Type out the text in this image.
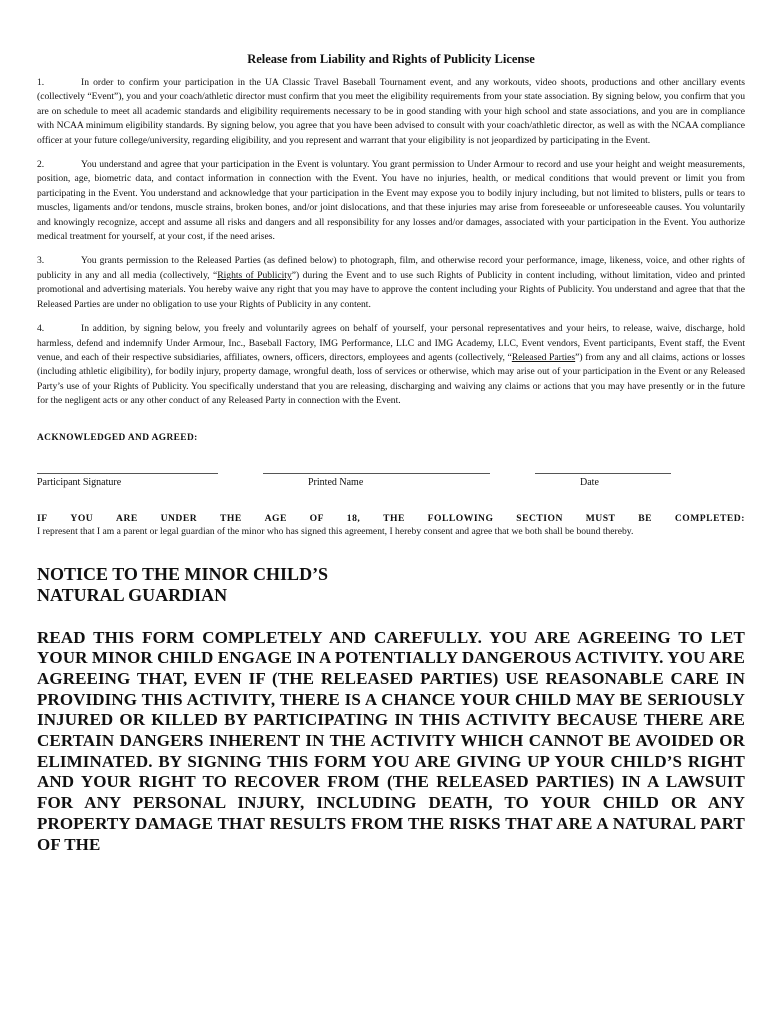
Release from Liability and Rights of Publicity License
1.	In order to confirm your participation in the UA Classic Travel Baseball Tournament event, and any workouts, video shoots, productions and other ancillary events (collectively “Event”), you and your coach/athletic director must confirm that you meet the eligibility requirements from your state association. By signing below, you confirm that you are on schedule to meet all academic standards and eligibility requirements necessary to be in good standing with your high school and state associations, and you are in compliance with NCAA minimum eligibility standards. By signing below, you agree that you have been advised to consult with your coach/athletic director, as well as with the NCAA compliance officer at your future college/university, regarding eligibility, and you represent and warrant that your eligibility is not jeopardized by participating in the Event.
2.	You understand and agree that your participation in the Event is voluntary. You grant permission to Under Armour to record and use your height and weight measurements, position, age, biometric data, and contact information in connection with the Event. You have no injuries, health, or medical conditions that would prevent or limit you from participating in the Event. You understand and acknowledge that your participation in the Event may expose you to bodily injury including, but not limited to blisters, pulls or tears to muscles, ligaments and/or tendons, muscle strains, broken bones, and/or joint dislocations, and that these injuries may arise from foreseeable or unforeseeable causes. You voluntarily and knowingly recognize, accept and assume all risks and dangers and all responsibility for any losses and/or damages, associated with your participation in the Event. You authorize medical treatment for yourself, at your cost, if the need arises.
3.	You grants permission to the Released Parties (as defined below) to photograph, film, and otherwise record your performance, image, likeness, voice, and other rights of publicity in any and all media (collectively, “Rights of Publicity”) during the Event and to use such Rights of Publicity in content including, without limitation, video and printed promotional and advertising materials. You hereby waive any right that you may have to approve the content including your Rights of Publicity. You understand and agree that that the Released Parties are under no obligation to use your Rights of Publicity in any content.
4.	In addition, by signing below, you freely and voluntarily agrees on behalf of yourself, your personal representatives and your heirs, to release, waive, discharge, hold harmless, defend and indemnify Under Armour, Inc., Baseball Factory, IMG Performance, LLC and IMG Academy, LLC, Event vendors, Event participants, Event staff, the Event venue, and each of their respective subsidiaries, affiliates, owners, officers, directors, employees and agents (collectively, “Released Parties”) from any and all claims, actions or losses (including athletic eligibility), for bodily injury, property damage, wrongful death, loss of services or otherwise, which may arise out of your participation in the Event or any Released Party’s use of your Rights of Publicity. You specifically understand that you are releasing, discharging and waiving any claims or actions that you may have presently or in the future for the negligent acts or any other conduct of any Released Party in connection with the Event.
ACKNOWLEDGED AND AGREED:
Participant Signature	Printed Name	Date
IF YOU ARE UNDER THE AGE OF 18, THE FOLLOWING SECTION MUST BE COMPLETED:
I represent that I am a parent or legal guardian of the minor who has signed this agreement, I hereby consent and agree that we both shall be bound thereby.
NOTICE TO THE MINOR CHILD’S
NATURAL GUARDIAN
READ THIS FORM COMPLETELY AND CAREFULLY. YOU ARE AGREEING TO LET YOUR MINOR CHILD ENGAGE IN A POTENTIALLY DANGEROUS ACTIVITY. YOU ARE AGREEING THAT, EVEN IF (THE RELEASED PARTIES) USE REASONABLE CARE IN PROVIDING THIS ACTIVITY, THERE IS A CHANCE YOUR CHILD MAY BE SERIOUSLY INJURED OR KILLED BY PARTICIPATING IN THIS ACTIVITY BECAUSE THERE ARE CERTAIN DANGERS INHERENT IN THE ACTIVITY WHICH CANNOT BE AVOIDED OR ELIMINATED. BY SIGNING THIS FORM YOU ARE GIVING UP YOUR CHILD’S RIGHT AND YOUR RIGHT TO RECOVER FROM (THE RELEASED PARTIES) IN A LAWSUIT FOR ANY PERSONAL INJURY, INCLUDING DEATH, TO YOUR CHILD OR ANY PROPERTY DAMAGE THAT RESULTS FROM THE RISKS THAT ARE A NATURAL PART OF THE
